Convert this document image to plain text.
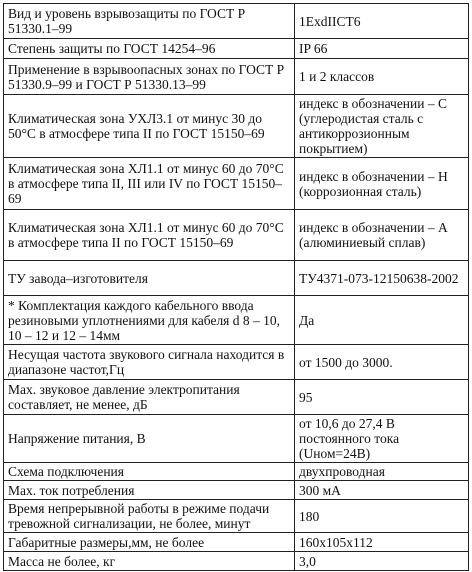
Вид и уровень взрывозащиты по ГОСТ Р 51330.1–99	1ExdIICT6
Степень защиты по ГОСТ 14254–96	IP 66
Применение в взрывоопасных зонах по ГОСТ Р 51330.9–99 и ГОСТ Р 51330.13–99	1 и 2 классов
Климатическая зона УХЛ3.1 от минус 30 до 50°С в атмосфере типа II по ГОСТ 15150–69	индекс в обозначении – С (углеродистая сталь с антикоррозионным покрытием)
Климатическая зона ХЛ1.1 от минус 60 до 70°С в атмосфере типа II, III или IV по ГОСТ 15150–69	индекс в обозначении – Н (коррозионная сталь)
Климатическая зона ХЛ1.1 от минус 60 до 70°С в атмосфере типа II по ГОСТ 15150–69	индекс в обозначении – А (алюминиевый сплав)
ТУ завода–изготовителя	ТУ4371-073-12150638-2002
* Комплектация каждого кабельного ввода резиновыми уплотнениями для кабеля d 8 – 10, 10 – 12 и 12 – 14мм	Да
Несущая частота звукового сигнала находится в диапазоне частот,Гц	от 1500 до 3000.
Мах. звуковое давление электропитания составляет, не менее, дБ	95
Напряжение питания, В	от 10,6 до 27,4 В постоянного тока (Uном=24В)
Схема подключения	двухпроводная
Мах. ток потребления	300 мА
Время непрерывной работы в режиме подачи тревожной сигнализации, не более, минут	180
Габаритные размеры,мм, не более	160х105х112
Масса не более, кг	3,0
